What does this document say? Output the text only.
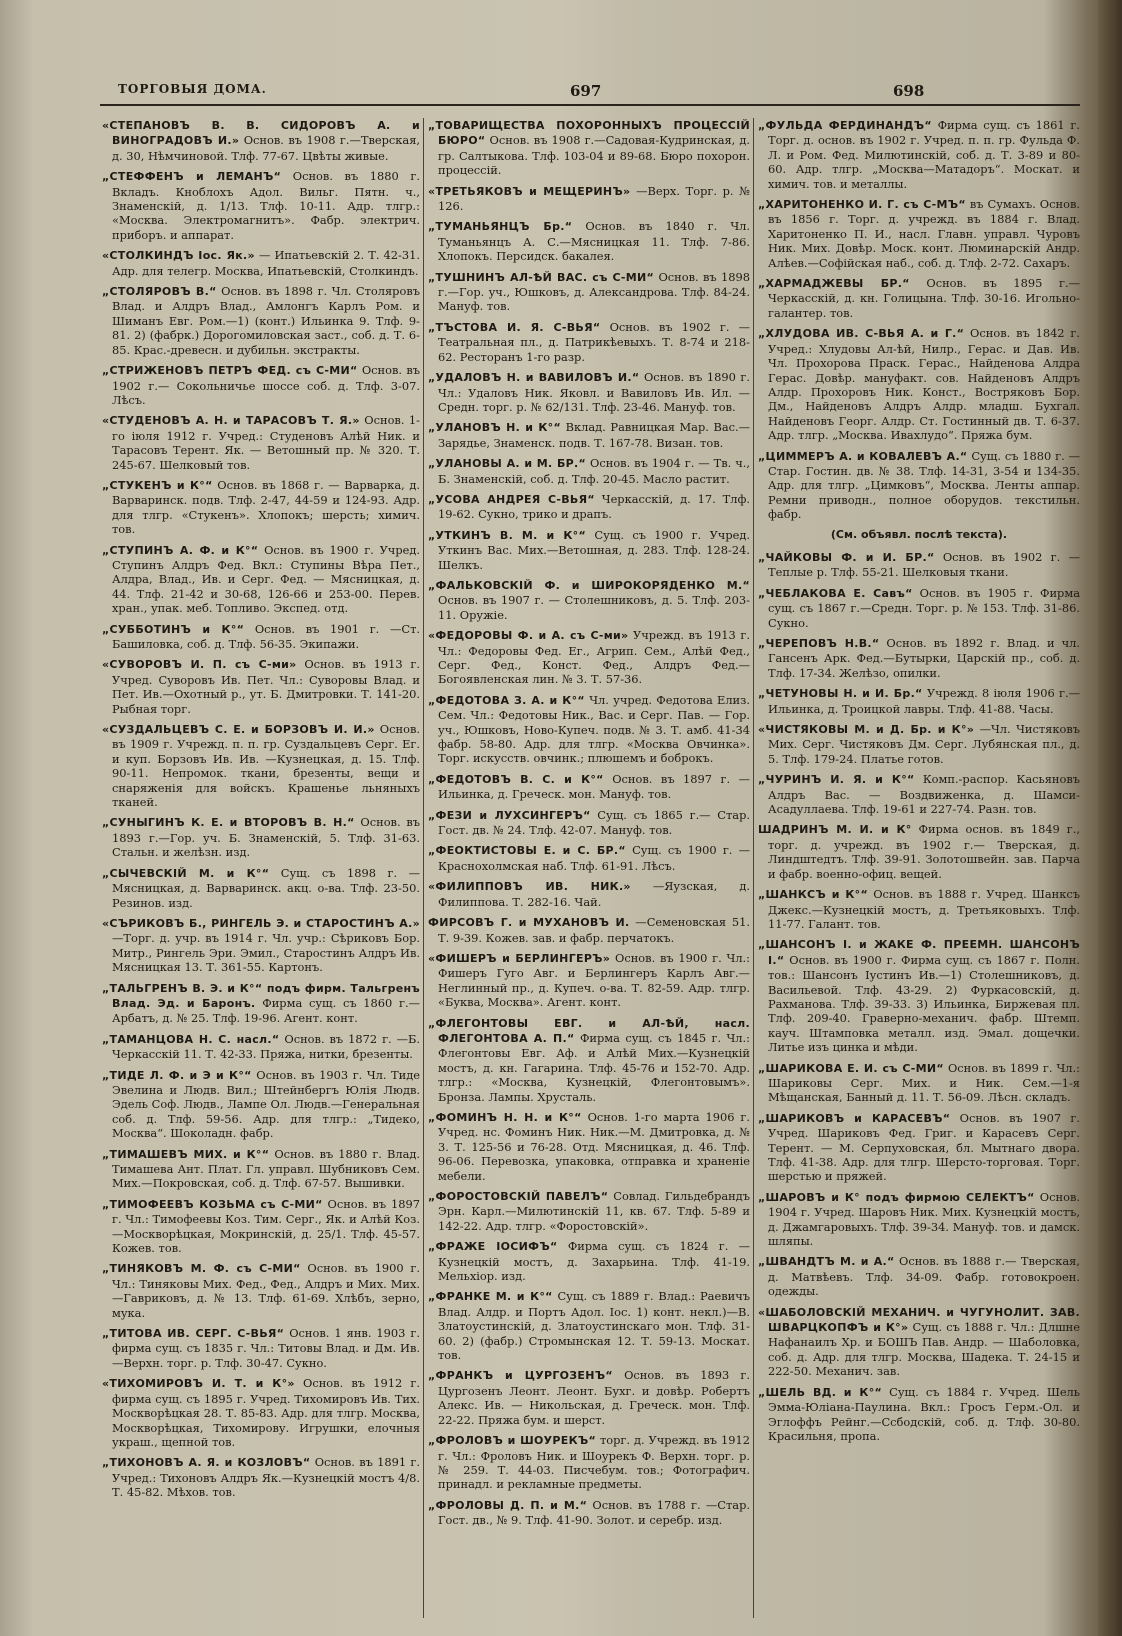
ТОРГОВЫЯ ДОМА.	697	698
«СТЕПАНОВЪ В. В. СИДОРОВЪ А. и ВИНОГРАДОВЪ И.» Основ. въ 1908 г.—Тверская, д. 30, Нѣмчиновой. Тлф. 77-67. Цвѣты живые.
„СТЕФФЕНЪ и ЛЕМАНЪ“ Основ. въ 1880 г. Вкладъ. Кноблохъ Адол. Вильг. Пятн. ч., Знаменскій, д. 1/13. Тлф. 10-11. Адр. тлгр.: «Москва. Электромагнитъ». Фабр. электрич. приборъ. и аппарат.
«СТОЛКИНДЪ Іос. Як.» — Ипатьевскій 2. Т. 42-31. Адр. для телегр. Москва, Ипатьевскій, Столкиндъ.
„СТОЛЯРОВЪ В.“ Основ. въ 1898 г. Чл. Столяровъ Влад. и Алдръ Влад., Амлонгъ Карлъ Ром. и Шиманъ Евг. Ром.—1) (конт.) Ильинка 9. Тлф. 9-81. 2) (фабрк.) Дорогомиловская заст., соб. д. Т. 6-85. Крас.-древесн. и дубильн. экстракты.
„СТРИЖЕНОВЪ ПЕТРЪ ФЕД. съ С-МИ“ Основ. въ 1902 г.— Сокольничье шоссе соб. д. Тлф. 3-07. Лѣсъ.
«СТУДЕНОВЪ А. Н. и ТАРАСОВЪ Т. Я.» Основ. 1-го іюля 1912 г. Учред.: Студеновъ Алѣй Ник. и Тарасовъ Терент. Як. — Ветошный пр. № 320. Т. 245-67. Шелковый тов.
„СТУКЕНЪ и К°“ Основ. въ 1868 г. — Варварка, д. Варваринск. подв. Тлф. 2-47, 44-59 и 124-93. Адр. для тлгр. «Стукенъ». Хлопокъ; шерсть; химич. тов.
„СТУПИНЪ А. Ф. и К°“ Основ. въ 1900 г. Учред. Ступинъ Алдръ Фед. Вкл.: Ступины Вѣра Пет., Алдра, Влад., Ив. и Серг. Фед. — Мясницкая, д. 44. Тлф. 21-42 и 30-68, 126-66 и 253-00. Перев. хран., упак. меб. Топливо. Экспед. отд.
„СУББОТИНЪ и К°“ Основ. въ 1901 г. —Ст. Башиловка, соб. д. Тлф. 56-35. Экипажи.
«СУВОРОВЪ И. П. съ С-ми» Основ. въ 1913 г. Учред. Суворовъ Ив. Пет. Чл.: Суворовы Влад. и Пет. Ив.—Охотный р., ут. Б. Дмитровки. Т. 141-20. Рыбная торг.
«СУЗДАЛЬЦЕВЪ С. Е. и БОРЗОВЪ И. И.» Основ. въ 1909 г. Учрежд. п. п. гр. Суздальцевъ Серг. Ег. и куп. Борзовъ Ив. Ив. —Кузнецкая, д. 15. Тлф. 90-11. Непромок. ткани, брезенты, вещи и снаряженія для войскъ. Крашенье льняныхъ тканей.
„СУНЫГИНЪ К. Е. и ВТОРОВЪ В. Н.“ Основ. въ 1893 г.—Гор. уч. Б. Знаменскій, 5. Тлф. 31-63. Стальн. и желѣзн. изд.
„СЫЧЕВСКІЙ М. и К°“ Сущ. съ 1898 г. —Мясницкая, д. Варваринск. акц. о-ва. Тлф. 23-50. Резинов. изд.
«СЪРИКОВЪ Б., РИНГЕЛЬ Э. и СТАРОСТИНЪ А.» —Торг. д. учр. въ 1914 г. Чл. учр.: Сѣриковъ Бор. Митр., Рингель Эри. Эмил., Старостинъ Алдръ Ив. Мясницкая 13. Т. 361-55. Картонъ.
„ТАЛЬГРЕНЪ В. Э. и К°“ подъ фирм. Тальгренъ Влад. Эд. и Баронъ. Фирма сущ. съ 1860 г.—Арбатъ, д. № 25. Тлф. 19-96. Агент. конт.
„ТАМАНЦОВА Н. С. насл.“ Основ. въ 1872 г. —Б. Черкасскій 11. Т. 42-33. Пряжа, нитки, брезенты.
„ТИДЕ Л. Ф. и Э и К°“ Основ. въ 1903 г. Чл. Тиде Эвелина и Людв. Вил.; Штейнбергъ Юлія Людв. Эдель Соф. Людв., Лампе Ол. Людв.—Генеральная соб. д. Тлф. 59-56. Адр. для тлгр.: „Тидеко, Москва“. Шоколадн. фабр.
„ТИМАШЕВЪ МИХ. и К°“ Основ. въ 1880 г. Влад. Тимашева Ант. Плат. Гл. управл. Шубниковъ Сем. Мих.—Покровская, соб. д. Тлф. 67-57. Вышивки.
„ТИМОФЕЕВЪ КОЗЬМА съ С-МИ“ Основ. въ 1897 г. Чл.: Тимофеевы Коз. Тим. Серг., Як. и Алѣй Коз.—Москворѣцкая, Мокринскій, д. 25/1. Тлф. 45-57. Кожев. тов.
„ТИНЯКОВЪ М. Ф. съ С-МИ“ Основ. въ 1900 г. Чл.: Тиняковы Мих. Фед., Фед., Алдръ и Мих. Мих.—Гавриковъ, д. № 13. Тлф. 61-69. Хлѣбъ, зерно, мука.
„ТИТОВА ИВ. СЕРГ. С-ВЬЯ“ Основ. 1 янв. 1903 г. фирма сущ. съ 1835 г. Чл.: Титовы Влад. и Дм. Ив.—Верхн. торг. р. Тлф. 30-47. Сукно.
«ТИХОМИРОВЪ И. Т. и К°» Основ. въ 1912 г. фирма сущ. съ 1895 г. Учред. Тихомировъ Ив. Тих. Москворѣцкая 28. Т. 85-83. Адр. для тлгр. Москва, Москворѣцкая, Тихомирову. Игрушки, елочныя украш., щепной тов.
„ТИХОНОВЪ А. Я. и КОЗЛОВЪ“ Основ. въ 1891 г. Учред.: Тихоновъ Алдръ Як.—Кузнецкій мостъ 4/8. Т. 45-82. Мѣхов. тов.
„ТОВАРИЩЕСТВА ПОХОРОННЫХЪ ПРОЦЕССІЙ БЮРО“ Основ. въ 1908 г.—Садовая-Кудринская, д. гр. Салтыкова. Тлф. 103-04 и 89-68. Бюро похорон. процессій.
«ТРЕТЬЯКОВЪ и МЕЩЕРИНЪ» —Верх. Торг. р. № 126.
„ТУМАНЬЯНЦЪ Бр.“ Основ. въ 1840 г. Чл. Туманьянцъ А. С.—Мясницкая 11. Тлф. 7-86. Хлопокъ. Персидск. бакалея.
„ТУШНИНЪ АЛ-ѢЙ ВАС. съ С-МИ“ Основ. въ 1898 г.—Гор. уч., Юшковъ, д. Александрова. Тлф. 84-24. Мануф. тов.
„ТЪСТОВА И. Я. С-ВЬЯ“ Основ. въ 1902 г. —Театральная пл., д. Патрикѣевыхъ. Т. 8-74 и 218-62. Ресторанъ 1-го разр.
„УДАЛОВЪ Н. и ВАВИЛОВЪ И.“ Основ. въ 1890 г. Чл.: Удаловъ Ник. Яковл. и Вавиловъ Ив. Ил. — Средн. торг. р. № 62/131. Тлф. 23-46. Мануф. тов.
„УЛАНОВЪ Н. и К°“ Вклад. Равницкая Мар. Вас.—Зарядье, Знаменск. подв. Т. 167-78. Визан. тов.
„УЛАНОВЫ А. и М. БР.“ Основ. въ 1904 г. — Тв. ч., Б. Знаменскій, соб. д. Тлф. 20-45. Масло растит.
„УСОВА АНДРЕЯ С-ВЬЯ“ Черкасскій, д. 17. Тлф. 19-62. Сукно, трико и драпъ.
„УТКИНЪ В. М. и К°“ Сущ. съ 1900 г. Учред. Уткинъ Вас. Мих.—Ветошная, д. 283. Тлф. 128-24. Шелкъ.
„ФАЛЬКОВСКІЙ Ф. и ШИРОКОРЯДЕНКО М.“ Основ. въ 1907 г. — Столешниковъ, д. 5. Тлф. 203-11. Оружіе.
«ФЕДОРОВЫ Ф. и А. съ С-ми» Учрежд. въ 1913 г. Чл.: Федоровы Фед. Ег., Агрип. Сем., Алѣй Фед., Серг. Фед., Конст. Фед., Алдръ Фед.—Богоявленская лин. № 3. Т. 57-36.
„ФЕДОТОВА З. А. и К°“ Чл. учред. Федотова Елиз. Сем. Чл.: Федотовы Ник., Вас. и Серг. Пав. — Гор. уч., Юшковъ, Ново-Купеч. подв. № 3. Т. амб. 41-34 фабр. 58-80. Адр. для тлгр. «Москва Овчинка». Торг. искусств. овчинк.; плюшемъ и боброкъ.
„ФЕДОТОВЪ В. С. и К°“ Основ. въ 1897 г. —Ильинка, д. Греческ. мон. Мануф. тов.
„ФЕЗИ и ЛУХСИНГЕРЪ“ Сущ. съ 1865 г.— Стар. Гост. дв. № 24. Тлф. 42-07. Мануф. тов.
„ФЕОКТИСТОВЫ Е. и С. БР.“ Сущ. съ 1900 г. —Краснохолмская наб. Тлф. 61-91. Лѣсъ.
«ФИЛИППОВЪ ИВ. НИК.» —Яузская, д. Филиппова. Т. 282-16. Чай.
ФИРСОВЪ Г. и МУХАНОВЪ И. —Семеновская 51. Т. 9-39. Кожев. зав. и фабр. перчатокъ.
«ФИШЕРЪ и БЕРЛИНГЕРЪ» Основ. въ 1900 г. Чл.: Фишеръ Гуго Авг. и Берлингеръ Карлъ Авг.— Неглинный пр., д. Купеч. о-ва. Т. 82-59. Адр. тлгр. «Буква, Москва». Агент. конт.
„ФЛЕГОНТОВЫ ЕВГ. и АЛ-ѢЙ, насл. ФЛЕГОНТОВА А. П.“ Фирма сущ. съ 1845 г. Чл.: Флегонтовы Евг. Аф. и Алѣй Мих.—Кузнецкій мостъ, д. кн. Гагарина. Тлф. 45-76 и 152-70. Адр. тлгр.: «Москва, Кузнецкій, Флегонтовымъ». Бронза. Лампы. Хрусталь.
„ФОМИНЪ Н. Н. и К°“ Основ. 1-го марта 1906 г. Учред. нс. Фоминъ Ник. Ник.—М. Дмитровка, д. № 3. Т. 125-56 и 76-28. Отд. Мясницкая, д. 46. Тлф. 96-06. Перевозка, упаковка, отправка и храненіе мебели.
„ФОРОСТОВСКІЙ ПАВЕЛЪ“ Совлад. Гильдебрандъ Эрн. Карл.—Милютинскій 11, кв. 67. Тлф. 5-89 и 142-22. Адр. тлгр. «Форостовскій».
„ФРАЖЕ ІОСИФЪ“ Фирма сущ. съ 1824 г. —Кузнецкій мостъ, д. Захарьина. Тлф. 41-19. Мельхіор. изд.
„ФРАНКЕ М. и К°“ Сущ. съ 1889 г. Влад.: Раевичъ Влад. Алдр. и Портъ Адол. Іос. 1) конт. некл.)—В. Златоустинскій, д. Златоустинскаго мон. Тлф. 31-60. 2) (фабр.) Стромынская 12. Т. 59-13. Москат. тов.
„ФРАНКЪ и ЦУРГОЗЕНЪ“ Основ. въ 1893 г. Цургозенъ Леонт. Леонт. Бухг. и довѣр. Робертъ Алекс. Ив. — Никольская, д. Греческ. мон. Тлф. 22-22. Пряжа бум. и шерст.
„ФРОЛОВЪ и ШОУРЕКЪ“ торг. д. Учрежд. въ 1912 г. Чл.: Фроловъ Ник. и Шоурекъ Ф. Верхн. торг. р. № 259. Т. 44-03. Писчебум. тов.; Фотографич. принадл. и рекламные предметы.
„ФРОЛОВЫ Д. П. и М.“ Основ. въ 1788 г. —Стар. Гост. дв., № 9. Тлф. 41-90. Золот. и серебр. изд.
„ФУЛЬДА ФЕРДИНАНДЪ“ Фирма сущ. съ 1861 г. Торг. д. основ. въ 1902 г. Учред. п. п. гр. Фульда Ф. Л. и Ром. Фед. Милютинскій, соб. д. Т. 3-89 и 80-60. Адр. тлгр. „Москва—Матадоръ“. Москат. и химич. тов. и металлы.
„ХАРИТОНЕНКО И. Г. съ С-МЪ“ въ Сумахъ. Основ. въ 1856 г. Торг. д. учрежд. въ 1884 г. Влад. Харитоненко П. И., насл. Главн. управл. Чуровъ Ник. Мих. Довѣр. Моск. конт. Люминарскій Андр. Алѣев.—Софійская наб., соб. д. Тлф. 2-72. Сахаръ.
„ХАРМАДЖЕВЫ БР.“ Основ. въ 1895 г.— Черкасскій, д. кн. Голицына. Тлф. 30-16. Игольно-галантер. тов.
„ХЛУДОВА ИВ. С-ВЬЯ А. и Г.“ Основ. въ 1842 г. Учред.: Хлудовы Ал-ѣй, Нилр., Герас. и Дав. Ив. Чл. Прохорова Праск. Герас., Найденова Алдра Герас. Довѣр. мануфакт. сов. Найденовъ Алдръ Алдр. Прохоровъ Ник. Конст., Востряковъ Бор. Дм., Найденовъ Алдръ Алдр. младш. Бухгал. Найденовъ Георг. Алдр. Ст. Гостинный дв. Т. 6-37. Адр. тлгр. „Москва. Ивахлудо“. Пряжа бум.
„ЦИММЕРЪ А. и КОВАЛЕВЪ А.“ Сущ. съ 1880 г. — Стар. Гостин. дв. № 38. Тлф. 14-31, 3-54 и 134-35. Адр. для тлгр. „Цимковъ“, Москва. Ленты аппар. Ремни приводн., полное оборудов. текстильн. фабр.
(См. объявл. послѣ текста).
„ЧАЙКОВЫ Ф. и И. БР.“ Основ. въ 1902 г. — Теплые р. Тлф. 55-21. Шелковыя ткани.
„ЧЕБЛАКОВА Е. Савъ“ Основ. въ 1905 г. Фирма сущ. съ 1867 г.—Средн. Торг. р. № 153. Тлф. 31-86. Сукно.
„ЧЕРЕПОВЪ Н.В.“ Основ. въ 1892 г. Влад. и чл. Гансенъ Арк. Фед.—Бутырки, Царскій пр., соб. д. Тлф. 17-34. Желѣзо, опилки.
„ЧЕТУНОВЫ Н. и И. Бр.“ Учрежд. 8 іюля 1906 г.—Ильинка, д. Троицкой лавры. Тлф. 41-88. Часы.
«ЧИСТЯКОВЫ М. и Д. Бр. и К°» —Чл. Чистяковъ Мих. Серг. Чистяковъ Дм. Серг. Лубянская пл., д. 5. Тлф. 179-24. Платье готов.
„ЧУРИНЪ И. Я. и К°“ Комп.-распор. Касьяновъ Алдръ Вас. — Воздвиженка, д. Шамси-Асадуллаева. Тлф. 19-61 и 227-74. Разн. тов.
ШАДРИНЪ М. И. и К° Фирма основ. въ 1849 г., торг. д. учрежд. въ 1902 г.— Тверская, д. Линдштедтъ. Тлф. 39-91. Золотошвейн. зав. Парча и фабр. военно-офиц. вещей.
„ШАНКСЪ и К°“ Основ. въ 1888 г. Учред. Шанксъ Джекс.—Кузнецкій мостъ, д. Третьяковыхъ. Тлф. 11-77. Галант. тов.
„ШАНСОНЪ І. и ЖАКЕ Ф. ПРЕЕМН. ШАНСОНЪ І.“ Основ. въ 1900 г. Фирма сущ. съ 1867 г. Полн. тов.: Шансонъ Іустинъ Ив.—1) Столешниковъ, д. Васильевой. Тлф. 43-29. 2) Фуркасовскій, д. Рахманова. Тлф. 39-33. 3) Ильинка, Биржевая пл. Тлф. 209-40. Граверно-механич. фабр. Штемп. кауч. Штамповка металл. изд. Эмал. дощечки. Литье изъ цинка и мѣди.
„ШАРИКОВА Е. И. съ С-МИ“ Основ. въ 1899 г. Чл.: Шариковы Серг. Мих. и Ник. Сем.—1-я Мѣщанская, Банный д. 11. Т. 56-09. Лѣсн. складъ.
„ШАРИКОВЪ и КАРАСЕВЪ“ Основ. въ 1907 г. Учред. Шариковъ Фед. Григ. и Карасевъ Серг. Терент. — М. Серпуховская, бл. Мытнаго двора. Тлф. 41-38. Адр. для тлгр. Шерсто-торговая. Торг. шерстью и пряжей.
„ШАРОВЪ и К° подъ фирмою СЕЛЕКТЪ“ Основ. 1904 г. Учред. Шаровъ Ник. Мих. Кузнецкій мостъ, д. Джамгаровыхъ. Тлф. 39-34. Мануф. тов. и дамск. шляпы.
„ШВАНДТЪ М. и А.“ Основ. въ 1888 г.— Тверская, д. Матвѣевъ. Тлф. 34-09. Фабр. готовокроен. одежды.
«ШАБОЛОВСКІЙ МЕХАНИЧ. и ЧУГУНОЛИТ. ЗАВ. ШВАРЦКОПФЪ и К°» Сущ. съ 1888 г. Чл.: Длшне Нафанаилъ Хр. и БОШЪ Пав. Андр. — Шаболовка, соб. д. Адр. для тлгр. Москва, Шадека. Т. 24-15 и 222-50. Механич. зав.
„ШЕЛЬ ВД. и К°“ Сущ. съ 1884 г. Учред. Шель Эмма-Юліана-Паулина. Вкл.: Гросъ Герм.-Ол. и Эглоффъ Рейнг.—Ссбодскій, соб. д. Тлф. 30-80. Красильня, пропа.
